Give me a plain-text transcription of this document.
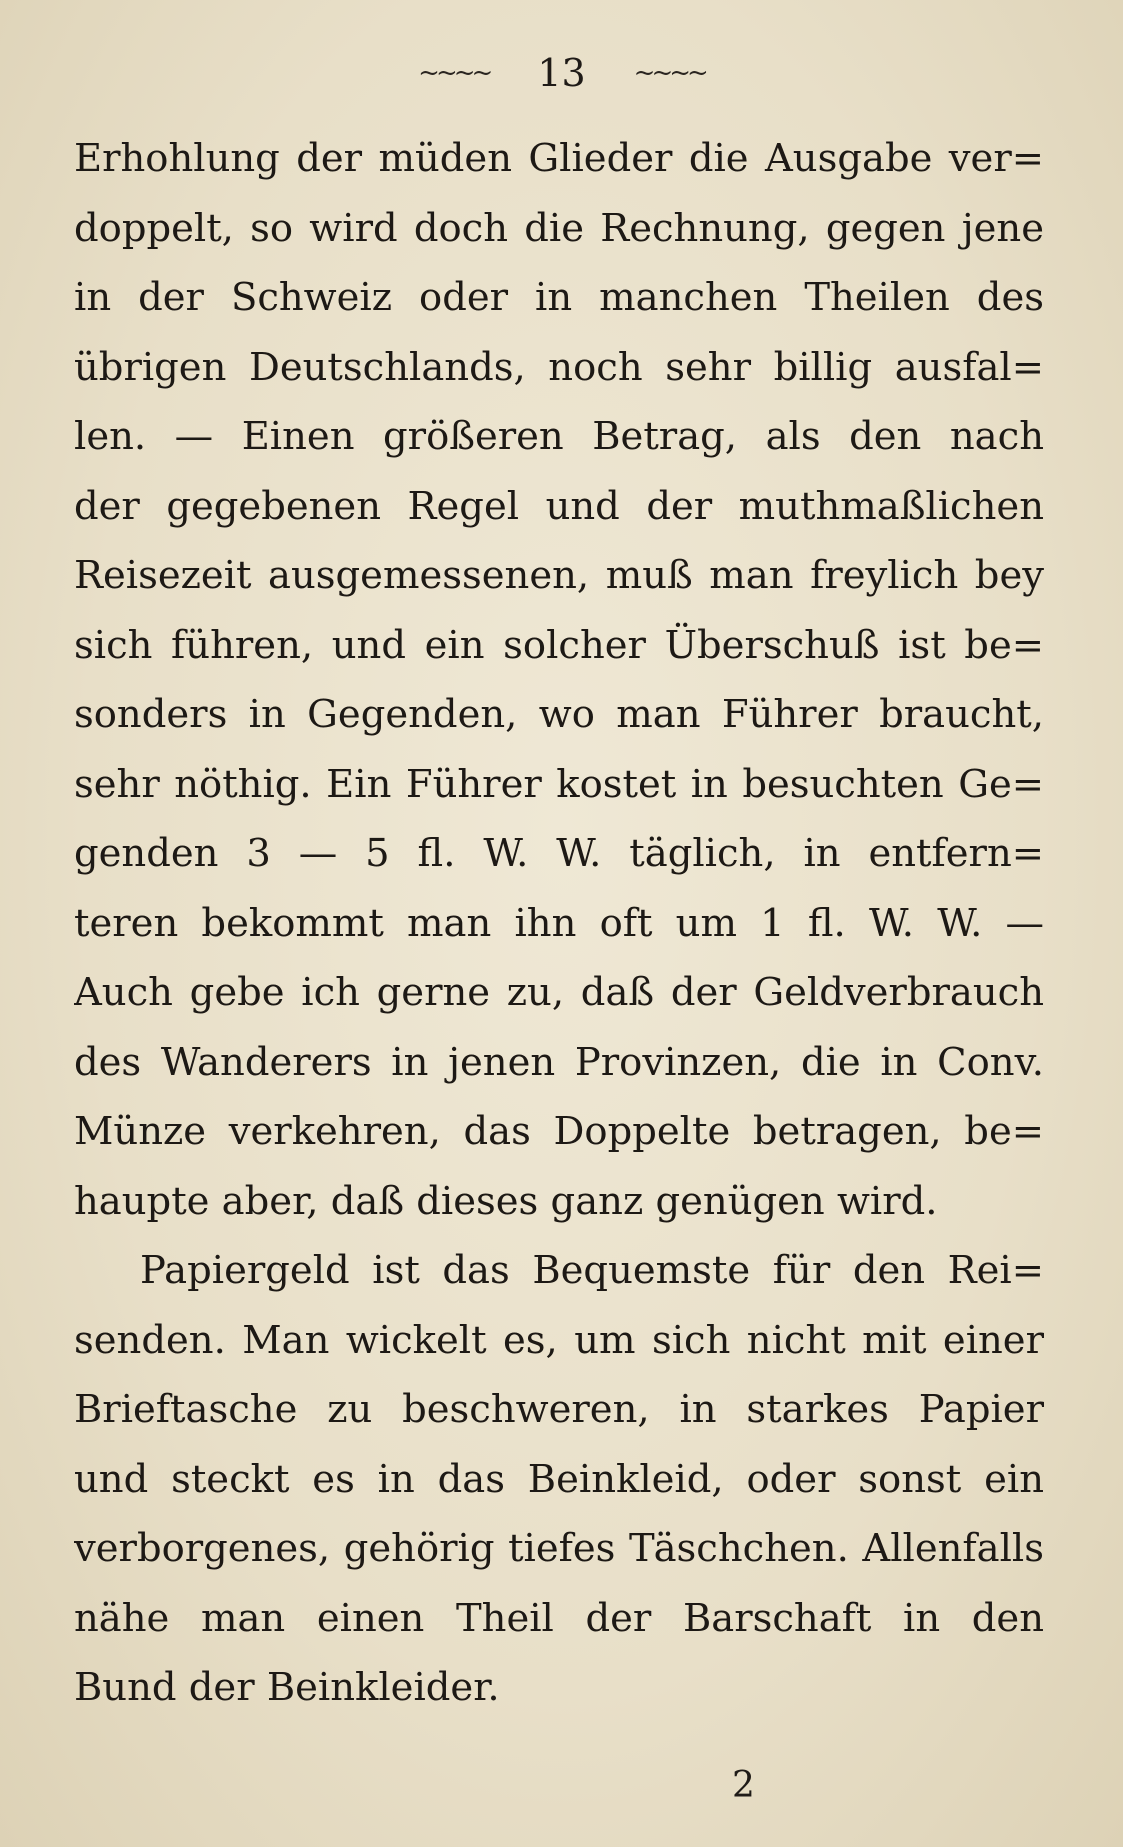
~~~~ 13 ~~~~
Erhohlung der müden Glieder die Ausgabe ver=
doppelt, so wird doch die Rechnung, gegen jene
in der Schweiz oder in manchen Theilen des
übrigen Deutschlands, noch sehr billig ausfal=
len. — Einen größeren Betrag, als den nach
der gegebenen Regel und der muthmaßlichen
Reisezeit ausgemessenen, muß man freylich bey
sich führen, und ein solcher Überschuß ist be=
sonders in Gegenden, wo man Führer braucht,
sehr nöthig. Ein Führer kostet in besuchten Ge=
genden 3 — 5 fl. W. W. täglich, in entfern=
teren bekommt man ihn oft um 1 fl. W. W. —
Auch gebe ich gerne zu, daß der Geldverbrauch
des Wanderers in jenen Provinzen, die in Conv.
Münze verkehren, das Doppelte betragen, be=
haupte aber, daß dieses ganz genügen wird.
Papiergeld ist das Bequemste für den Rei=
senden. Man wickelt es, um sich nicht mit einer
Brieftasche zu beschweren, in starkes Papier
und steckt es in das Beinkleid, oder sonst ein
verborgenes, gehörig tiefes Täschchen. Allenfalls
nähe man einen Theil der Barschaft in den
Bund der Beinkleider.
2
